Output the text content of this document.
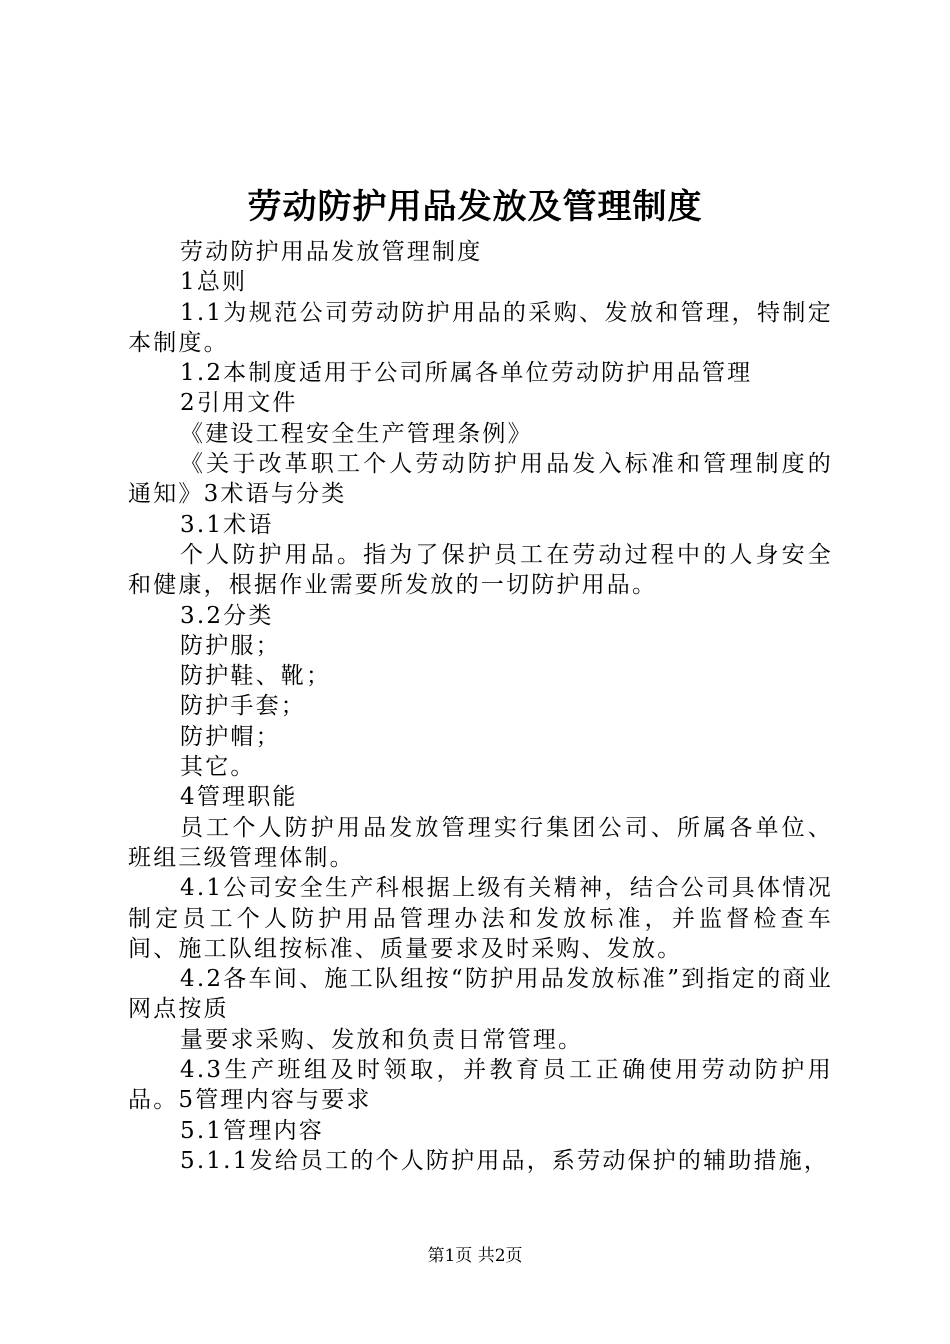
劳动防护用品发放及管理制度

劳动防护用品发放管理制度

1总则

1.1为规范公司劳动防护用品的采购、发放和管理，特制定本制度。

1.2本制度适用于公司所属各单位劳动防护用品管理

2引用文件

《建设工程安全生产管理条例》

《关于改革职工个人劳动防护用品发入标准和管理制度的通知》3术语与分类

3.1术语

个人防护用品。指为了保护员工在劳动过程中的人身安全和健康，根据作业需要所发放的一切防护用品。

3.2分类

防护服；

防护鞋、靴；

防护手套；

防护帽；

其它。

4管理职能

员工个人防护用品发放管理实行集团公司、所属各单位、班组三级管理体制。

4.1公司安全生产科根据上级有关精神，结合公司具体情况制定员工个人防护用品管理办法和发放标准，并监督检查车间、施工队组按标准、质量要求及时采购、发放。

4.2各车间、施工队组按“防护用品发放标准”到指定的商业网点按质

量要求采购、发放和负责日常管理。

4.3生产班组及时领取，并教育员工正确使用劳动防护用品。5管理内容与要求

5.1管理内容

5.1.1发给员工的个人防护用品，系劳动保护的辅助措施，

第1页 共2页
